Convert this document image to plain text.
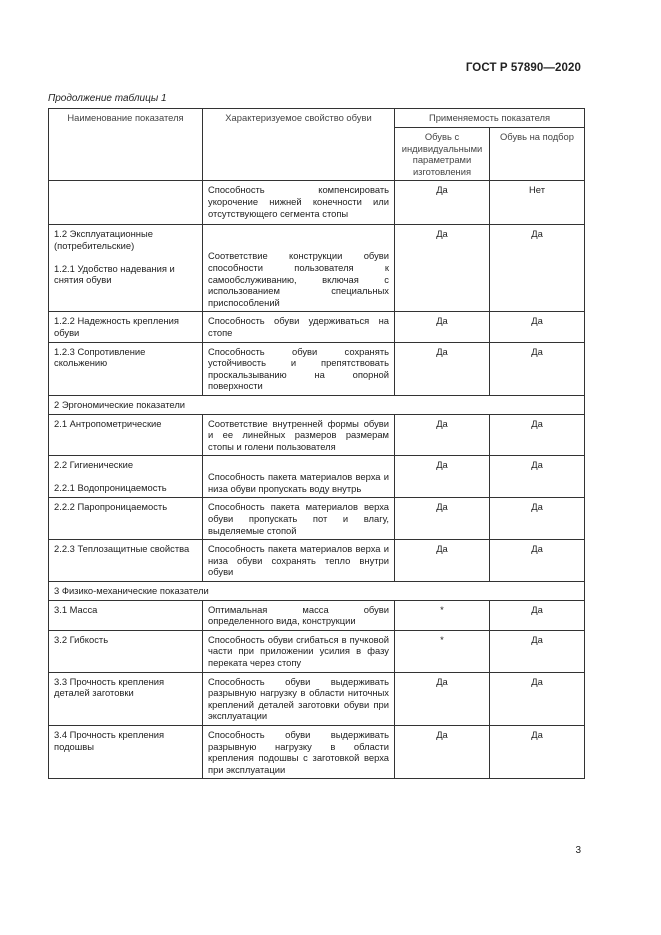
ГОСТ Р 57890—2020
Продолжение таблицы 1
Наименование показателя	Характеризуемое свойство обуви	Применяемость показателя	
		Обувь с индивидуальными параметрами изготовления	Обувь на подбор
	Способность компенсировать укорочение нижней конечности или отсутствующего сегмента стопы	Да	Нет

1.2 Эксплуатационные (потребительские)
1.2.1 Удобство надевания и снятия обуви	Соответствие конструкции обуви способности пользователя к самообслуживанию, включая с использованием специальных приспособлений	Да	Да
1.2.2 Надежность крепления обуви	Способность обуви удерживаться на стопе	Да	Да
1.2.3 Сопротивление скольжению	Способность обуви сохранять устойчивость и препятствовать проскальзыванию на опорной поверхности	Да	Да
2 Эргономические показатели			
2.1 Антропометрические	Соответствие внутренней формы обуви и ее линейных размеров размерам стопы и голени пользователя	Да	Да

2.2 Гигиенические
2.2.1 Водопроницаемость	Способность пакета материалов верха и низа обуви пропускать воду внутрь	Да	Да
2.2.2 Паропроницаемость	Способность пакета материалов верха обуви пропускать пот и влагу, выделяемые стопой	Да	Да
2.2.3 Теплозащитные свойства	Способность пакета материалов верха и низа обуви сохранять тепло внутри обуви	Да	Да
3 Физико-механические показатели			
3.1 Масса	Оптимальная масса обуви определенного вида, конструкции	*	Да
3.2 Гибкость	Способность обуви сгибаться в пучковой части при приложении усилия в фазу переката через стопу	*	Да
3.3 Прочность крепления деталей заготовки	Способность обуви выдерживать разрывную нагрузку в области ниточных креплений деталей заготовки обуви при эксплуатации	Да	Да
3.4 Прочность крепления подошвы	Способность обуви выдерживать разрывную нагрузку в области крепления подошвы с заготовкой верха при эксплуатации	Да	Да
3
